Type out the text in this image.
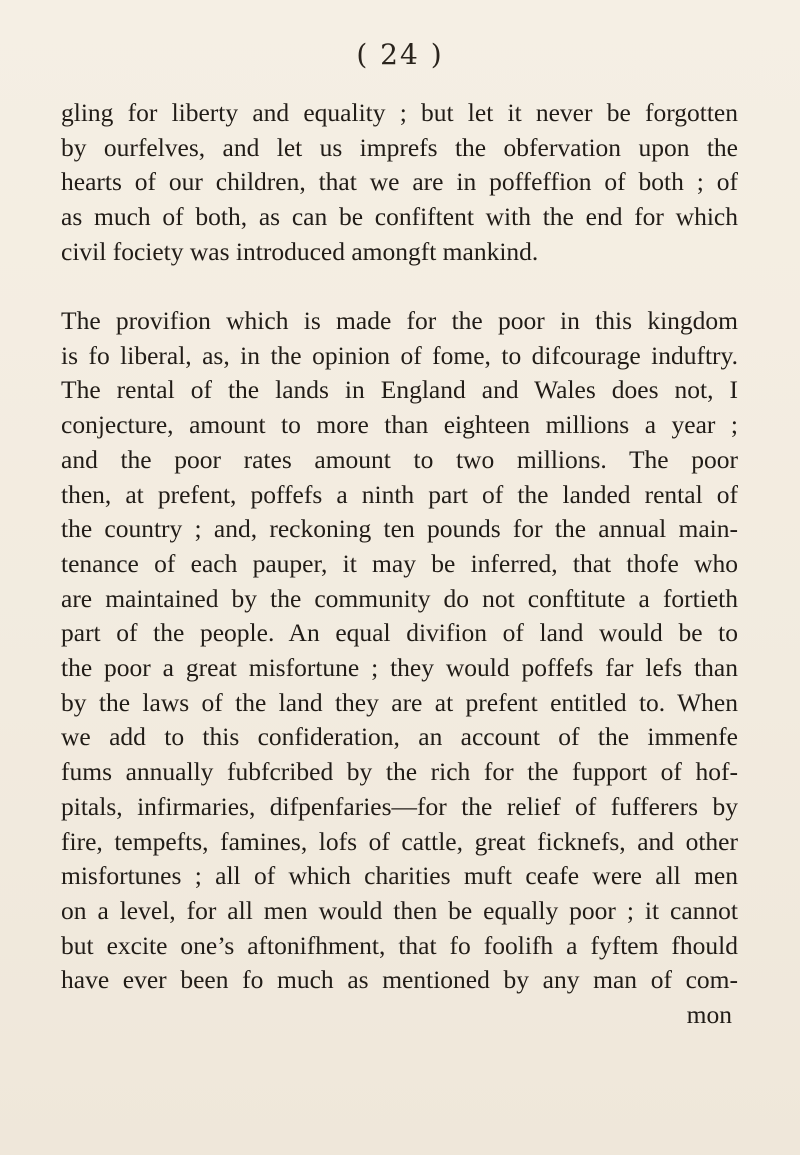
( 24 )
gling for liberty and equality ; but let it never be forgotten
by ourfelves, and let us imprefs the obfervation upon the
hearts of our children, that we are in poffeffion of both ; of
as much of both, as can be confiftent with the end for which
civil fociety was introduced amongft mankind.
The provifion which is made for the poor in this kingdom
is fo liberal, as, in the opinion of fome, to difcourage induftry.
The rental of the lands in England and Wales does not, I
conjecture, amount to more than eighteen millions a year ;
and the poor rates amount to two millions. The poor
then, at prefent, poffefs a ninth part of the landed rental of
the country ; and, reckoning ten pounds for the annual main-
tenance of each pauper, it may be inferred, that thofe who
are maintained by the community do not conftitute a fortieth
part of the people. An equal divifion of land would be to
the poor a great misfortune ; they would poffefs far lefs than
by the laws of the land they are at prefent entitled to. When
we add to this confideration, an account of the immenfe
fums annually fubfcribed by the rich for the fupport of hof-
pitals, infirmaries, difpenfaries—for the relief of fufferers by
fire, tempefts, famines, lofs of cattle, great ficknefs, and other
misfortunes ; all of which charities muft ceafe were all men
on a level, for all men would then be equally poor ; it cannot
but excite one’s aftonifhment, that fo foolifh a fyftem fhould
have ever been fo much as mentioned by any man of com-
mon
